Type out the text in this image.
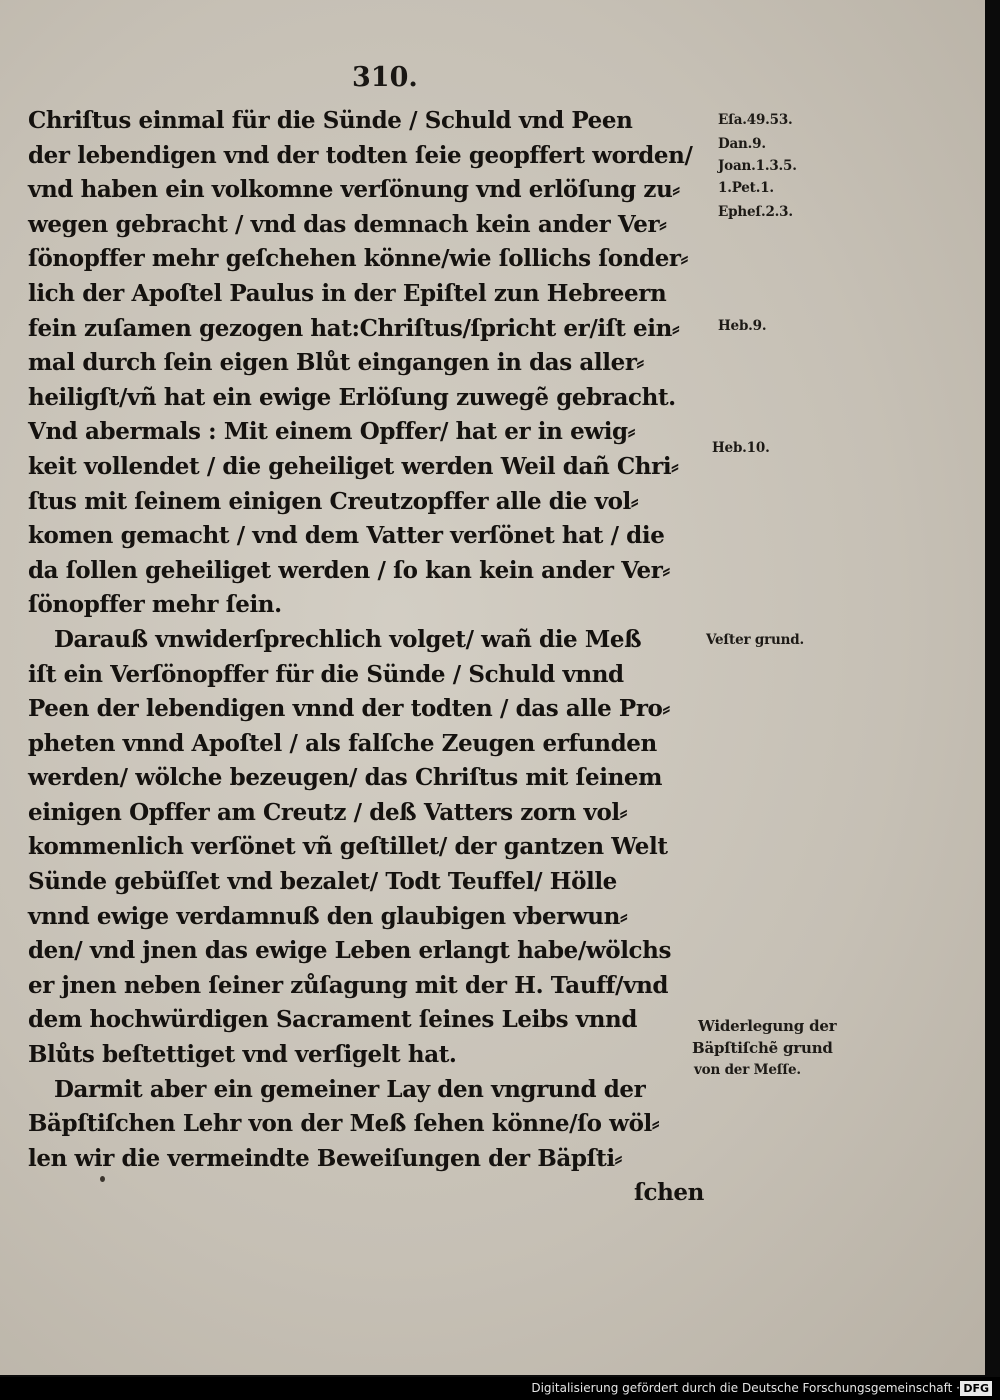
310.
Chriſtus einmal für die Sünde / Schuld vnd Peen
der lebendigen vnd der todten ſeie geopffert worden/
vnd haben ein volkomne verſönung vnd erlöſung zu⸗
wegen gebracht / vnd das demnach kein ander Ver⸗
ſönopffer mehr geſchehen könne/wie ſollichs ſonder⸗
lich der Apoſtel Paulus in der Epiſtel zun Hebreern
fein zuſamen gezogen hat:Chriſtus/ſpricht er/iſt ein⸗
mal durch ſein eigen Blůt eingangen in das aller⸗
heiligſt/vñ hat ein ewige Erlöſung zuwegẽ gebracht.
Vnd abermals : Mit einem Opffer/ hat er in ewig⸗
keit vollendet / die geheiliget werden Weil dañ Chri⸗
ſtus mit ſeinem einigen Creutzopffer alle die vol⸗
komen gemacht / vnd dem Vatter verſönet hat / die
da ſollen geheiliget werden / ſo kan kein ander Ver⸗
ſönopffer mehr ſein.
Darauß vnwiderſprechlich volget/ wañ die Meß
iſt ein Verſönopffer für die Sünde / Schuld vnnd
Peen der lebendigen vnnd der todten / das alle Pro⸗
pheten vnnd Apoſtel / als falſche Zeugen erfunden
werden/ wölche bezeugen/ das Chriſtus mit ſeinem
einigen Opffer am Creutz / deß Vatters zorn vol⸗
kommenlich verſönet vñ geſtillet/ der gantzen Welt
Sünde gebüſſet vnd bezalet/ Todt Teuffel/ Hölle
vnnd ewige verdamnuß den glaubigen vberwun⸗
den/ vnd jnen das ewige Leben erlangt habe/wölchs
er jnen neben ſeiner zůſagung mit der H. Tauff/vnd
dem hochwürdigen Sacrament ſeines Leibs vnnd
Blůts beſtettiget vnd verſigelt hat.
Darmit aber ein gemeiner Lay den vngrund der
Bäpſtiſchen Lehr von der Meß ſehen könne/ſo wöl⸗
len wir die vermeindte Beweiſungen der Bäpſti⸗
ſchen
Eſa.49.53.
Dan.9.
Joan.1.3.5.
1.Pet.1.
Epheſ.2.3.
Heb.9.
Heb.10.
Veſter grund.
Widerlegung der
Bäpſtiſchẽ grund
von der Meſſe.
Digitalisierung gefördert durch die Deutsche Forschungsgemeinschaft · DFG
